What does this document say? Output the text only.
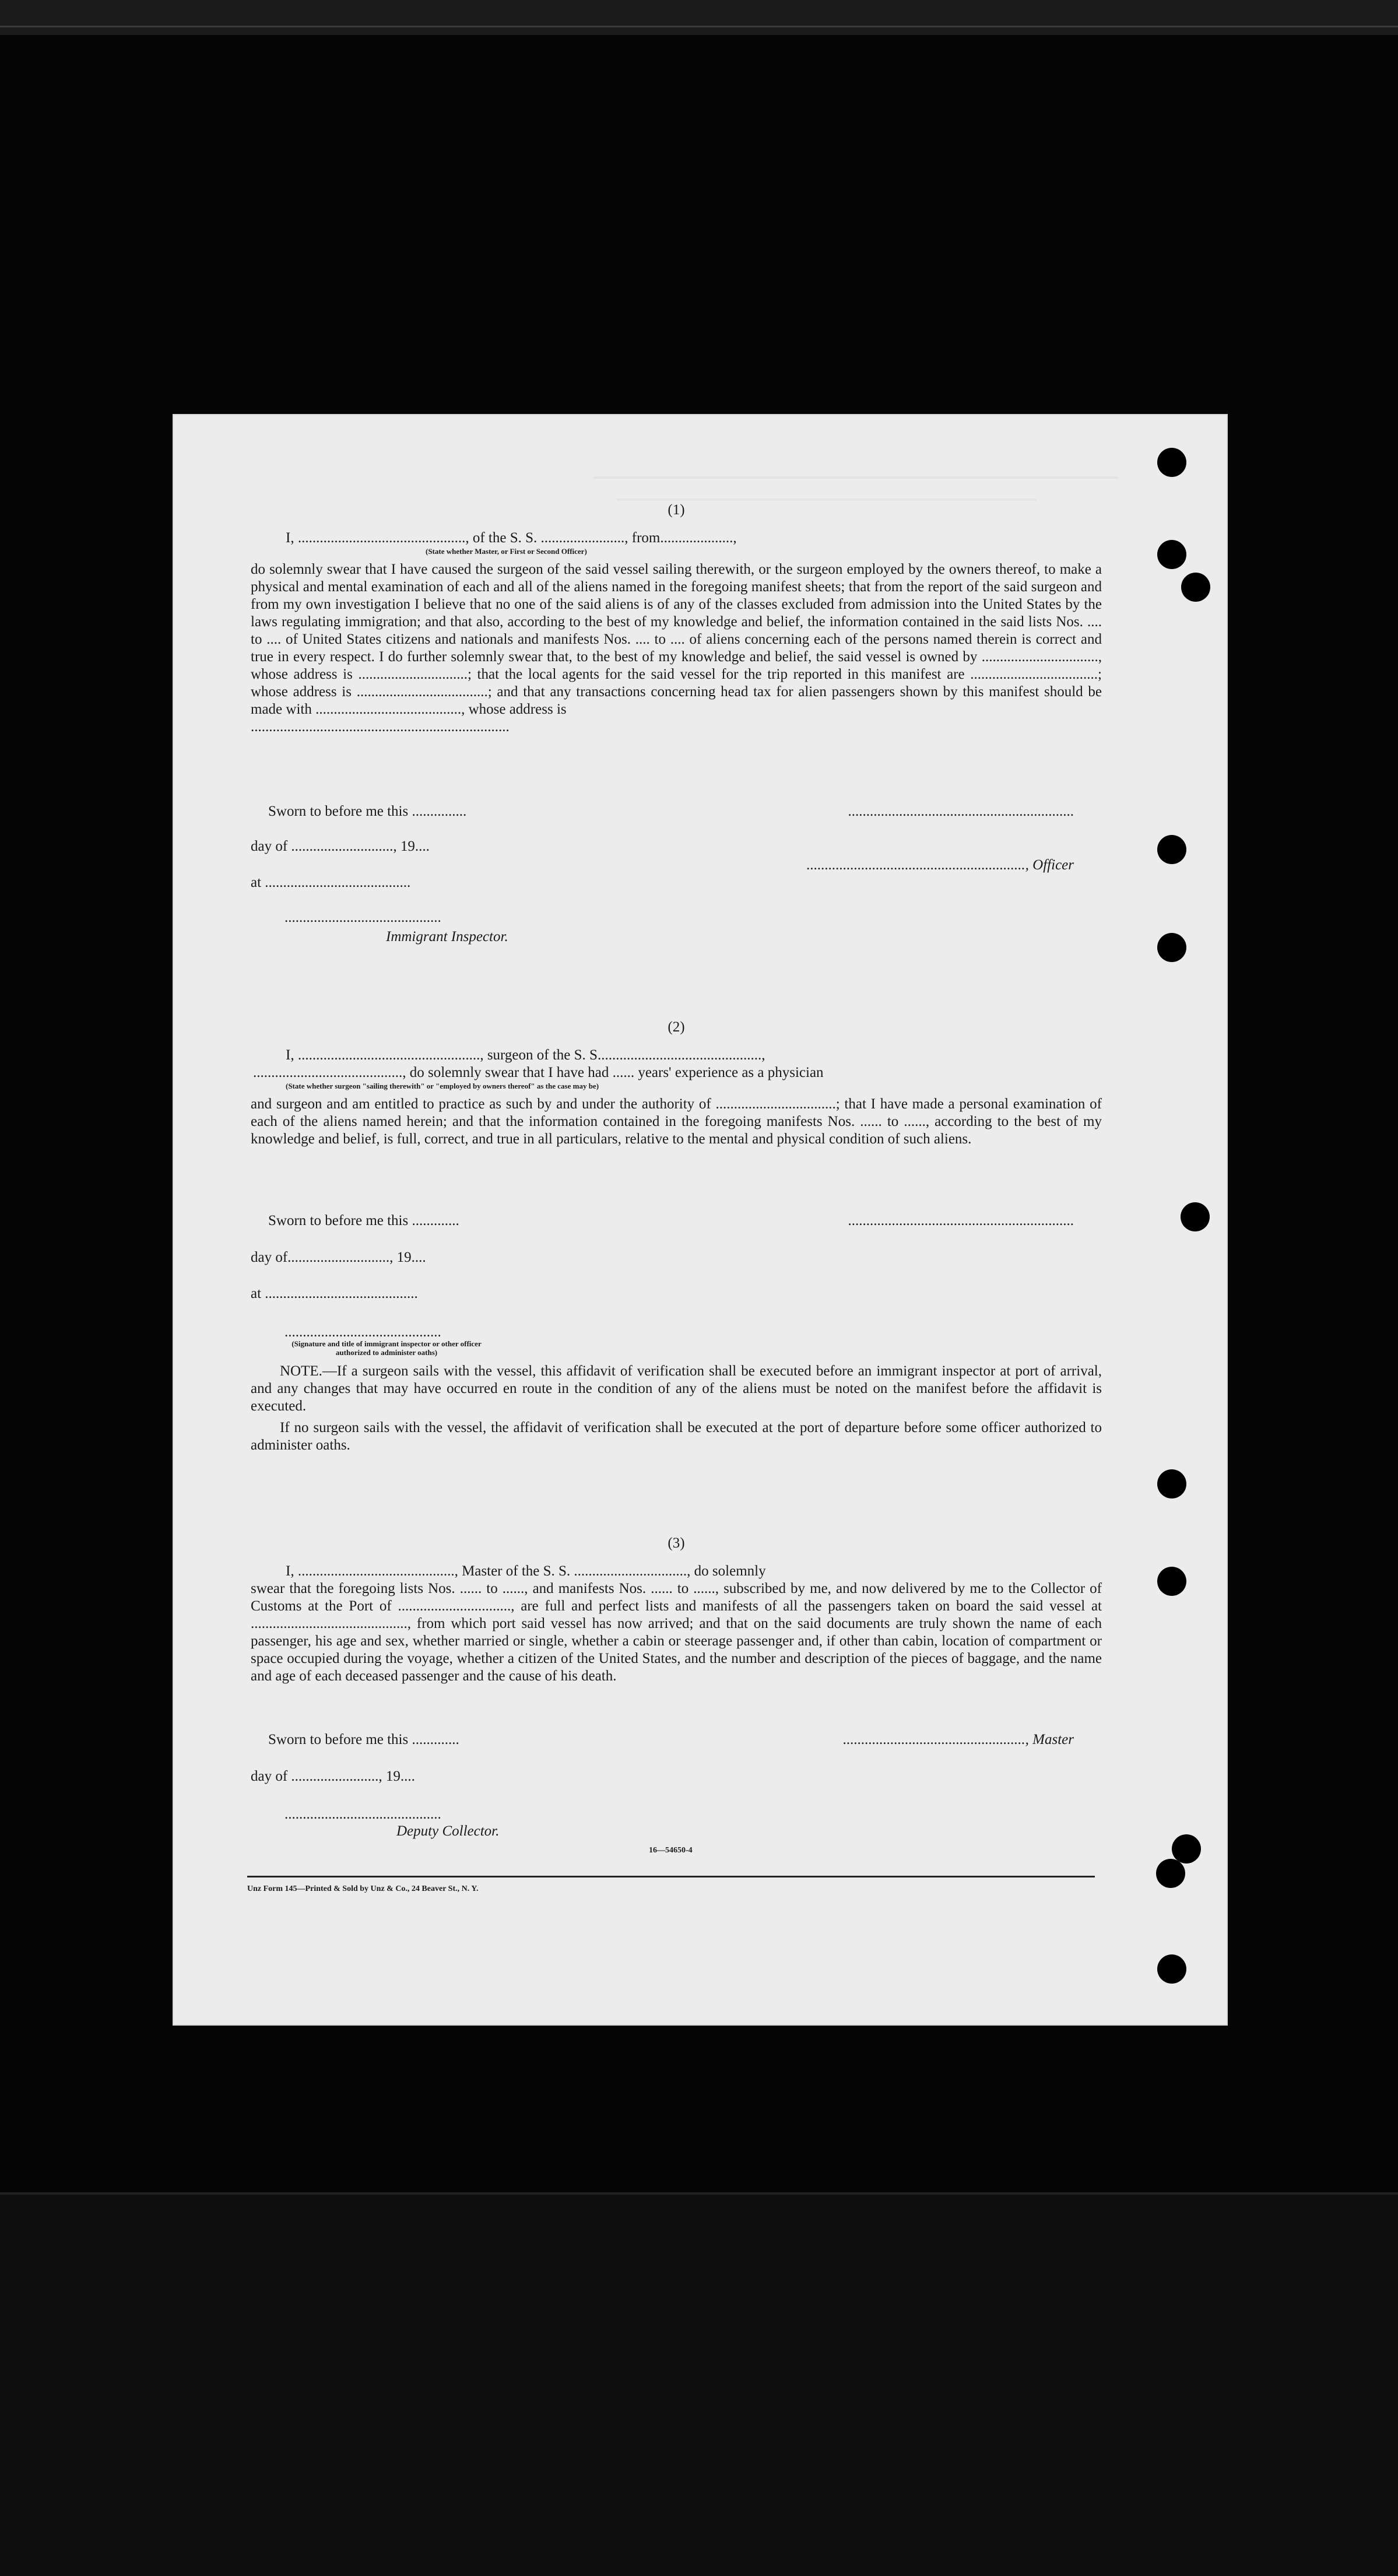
(1)
I, .............................................., of the S. S. ......................., from....................,
(State whether Master, or First or Second Officer)
do solemnly swear that I have caused the surgeon of the said vessel sailing therewith, or the surgeon employed by the owners thereof, to make a physical and mental examination of each and all of the aliens named in the foregoing manifest sheets; that from the report of the said surgeon and from my own investigation I believe that no one of the said aliens is of any of the classes excluded from admission into the United States by the laws regulating immigration; and that also, according to the best of my knowledge and belief, the information contained in the said lists Nos. .... to .... of United States citizens and nationals and manifests Nos. .... to .... of aliens concerning each of the persons named therein is correct and true in every respect. I do further solemnly swear that, to the best of my knowledge and belief, the said vessel is owned by ................................, whose address is ..............................; that the local agents for the said vessel for the trip reported in this manifest are ...................................; whose address is ....................................; and that any transactions concerning head tax for alien passengers shown by this manifest should be made with ........................................, whose address is
.......................................................................
Sworn to before me this ...............
day of ............................, 19....
at ........................................
...........................................
Immigrant Inspector.
..............................................................
............................................................, Officer
(2)
I, .................................................., surgeon of the S. S.............................................,
........................................., do solemnly swear that I have had ...... years' experience as a physician
(State whether surgeon "sailing therewith" or "employed by owners thereof" as the case may be)
and surgeon and am entitled to practice as such by and under the authority of .................................; that I have made a personal examination of each of the aliens named herein; and that the information contained in the foregoing manifests Nos. ...... to ......, according to the best of my knowledge and belief, is full, correct, and true in all particulars, relative to the mental and physical condition of such aliens.
Sworn to before me this .............
day of............................, 19....
at ..........................................
...........................................
(Signature and title of immigrant inspector or other officer authorized to administer oaths)
..............................................................
NOTE.—If a surgeon sails with the vessel, this affidavit of verification shall be executed before an immigrant inspector at port of arrival, and any changes that may have occurred en route in the condition of any of the aliens must be noted on the manifest before the affidavit is executed.
If no surgeon sails with the vessel, the affidavit of verification shall be executed at the port of departure before some officer authorized to administer oaths.
(3)
I, ..........................................., Master of the S. S. ..............................., do solemnly
swear that the foregoing lists Nos. ...... to ......, and manifests Nos. ...... to ......, subscribed by me, and now delivered by me to the Collector of Customs at the Port of ..............................., are full and perfect lists and manifests of all the passengers taken on board the said vessel at ..........................................., from which port said vessel has now arrived; and that on the said documents are truly shown the name of each passenger, his age and sex, whether married or single, whether a cabin or steerage passenger and, if other than cabin, location of compartment or space occupied during the voyage, whether a citizen of the United States, and the number and description of the pieces of baggage, and the name and age of each deceased passenger and the cause of his death.
Sworn to before me this .............
day of ........................, 19....
...........................................
Deputy Collector.
.................................................., Master
16—54650-4
Unz Form 145—Printed & Sold by Unz & Co., 24 Beaver St., N. Y.
